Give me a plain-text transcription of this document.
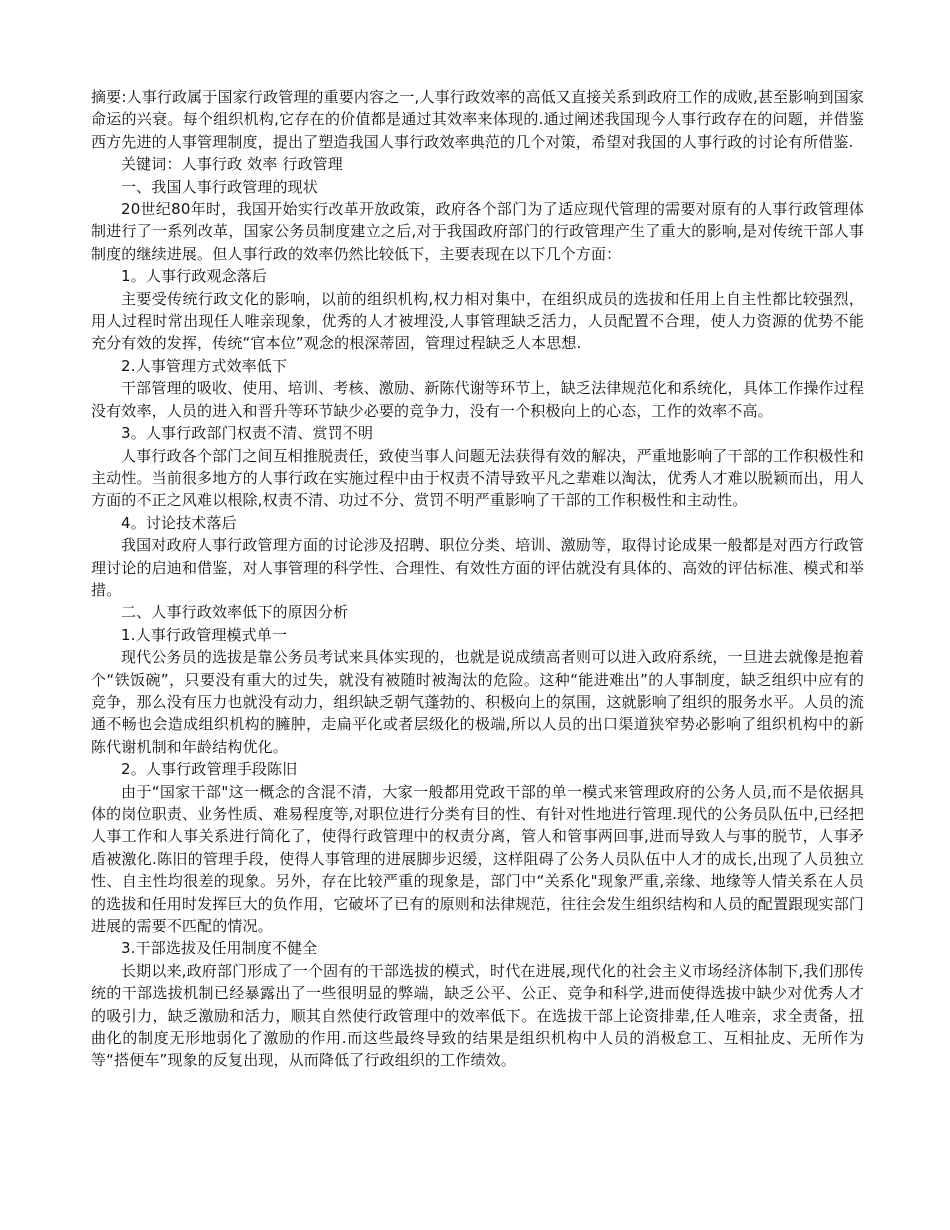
摘要:人事行政属于国家行政管理的重要内容之一,人事行政效率的高低又直接关系到政府工作的成败,甚至影响到国家命运的兴衰。每个组织机构,它存在的价值都是通过其效率来体现的.通过阐述我国现今人事行政存在的问题，并借鉴西方先进的人事管理制度，提出了塑造我国人事行政效率典范的几个对策，希望对我国的人事行政的讨论有所借鉴.

关键词：人事行政 效率 行政管理

一、我国人事行政管理的现状

20世纪80年时，我国开始实行改革开放政策，政府各个部门为了适应现代管理的需要对原有的人事行政管理体制进行了一系列改革，国家公务员制度建立之后,对于我国政府部门的行政管理产生了重大的影响,是对传统干部人事制度的继续进展。但人事行政的效率仍然比较低下，主要表现在以下几个方面：

1。人事行政观念落后

主要受传统行政文化的影响，以前的组织机构,权力相对集中，在组织成员的选拔和任用上自主性都比较强烈，用人过程时常出现任人唯亲现象，优秀的人才被埋没,人事管理缺乏活力，人员配置不合理，使人力资源的优势不能充分有效的发挥，传统“官本位”观念的根深蒂固，管理过程缺乏人本思想.

2.人事管理方式效率低下

干部管理的吸收、使用、培训、考核、激励、新陈代谢等环节上，缺乏法律规范化和系统化，具体工作操作过程没有效率，人员的进入和晋升等环节缺少必要的竞争力，没有一个积极向上的心态，工作的效率不高。

3。人事行政部门权责不清、赏罚不明

人事行政各个部门之间互相推脱责任，致使当事人问题无法获得有效的解决，严重地影响了干部的工作积极性和主动性。当前很多地方的人事行政在实施过程中由于权责不清导致平凡之辈难以淘汰，优秀人才难以脱颖而出，用人方面的不正之风难以根除,权责不清、功过不分、赏罚不明严重影响了干部的工作积极性和主动性。

4。讨论技术落后

我国对政府人事行政管理方面的讨论涉及招聘、职位分类、培训、激励等，取得讨论成果一般都是对西方行政管理讨论的启迪和借鉴，对人事管理的科学性、合理性、有效性方面的评估就没有具体的、高效的评估标准、模式和举措。

二、人事行政效率低下的原因分析

1.人事行政管理模式单一

现代公务员的选拔是靠公务员考试来具体实现的，也就是说成绩高者则可以进入政府系统，一旦进去就像是抱着个“铁饭碗”，只要没有重大的过失，就没有被随时被淘汰的危险。这种“能进难出”的人事制度，缺乏组织中应有的竞争，那么没有压力也就没有动力，组织缺乏朝气蓬勃的、积极向上的氛围，这就影响了组织的服务水平。人员的流通不畅也会造成组织机构的臃肿，走扁平化或者层级化的极端,所以人员的出口渠道狭窄势必影响了组织机构中的新陈代谢机制和年龄结构优化。

2。人事行政管理手段陈旧

由于“国家干部"这一概念的含混不清，大家一般都用党政干部的单一模式来管理政府的公务人员,而不是依据具体的岗位职责、业务性质、难易程度等,对职位进行分类有目的性、有针对性地进行管理.现代的公务员队伍中,已经把人事工作和人事关系进行简化了，使得行政管理中的权责分离，管人和管事两回事,进而导致人与事的脱节，人事矛盾被激化.陈旧的管理手段，使得人事管理的进展脚步迟缓，这样阻碍了公务人员队伍中人才的成长,出现了人员独立性、自主性均很差的现象。另外，存在比较严重的现象是，部门中“关系化"现象严重,亲缘、地缘等人情关系在人员的选拔和任用时发挥巨大的负作用，它破坏了已有的原则和法律规范，往往会发生组织结构和人员的配置跟现实部门进展的需要不匹配的情况。

3.干部选拔及任用制度不健全

长期以来,政府部门形成了一个固有的干部选拔的模式，时代在进展,现代化的社会主义市场经济体制下,我们那传统的干部选拔机制已经暴露出了一些很明显的弊端，缺乏公平、公正、竞争和科学,进而使得选拔中缺少对优秀人才的吸引力，缺乏激励和活力，顺其自然使行政管理中的效率低下。在选拔干部上论资排辈,任人唯亲，求全责备，扭曲化的制度无形地弱化了激励的作用.而这些最终导致的结果是组织机构中人员的消极怠工、互相扯皮、无所作为等“搭便车”现象的反复出现，从而降低了行政组织的工作绩效。
